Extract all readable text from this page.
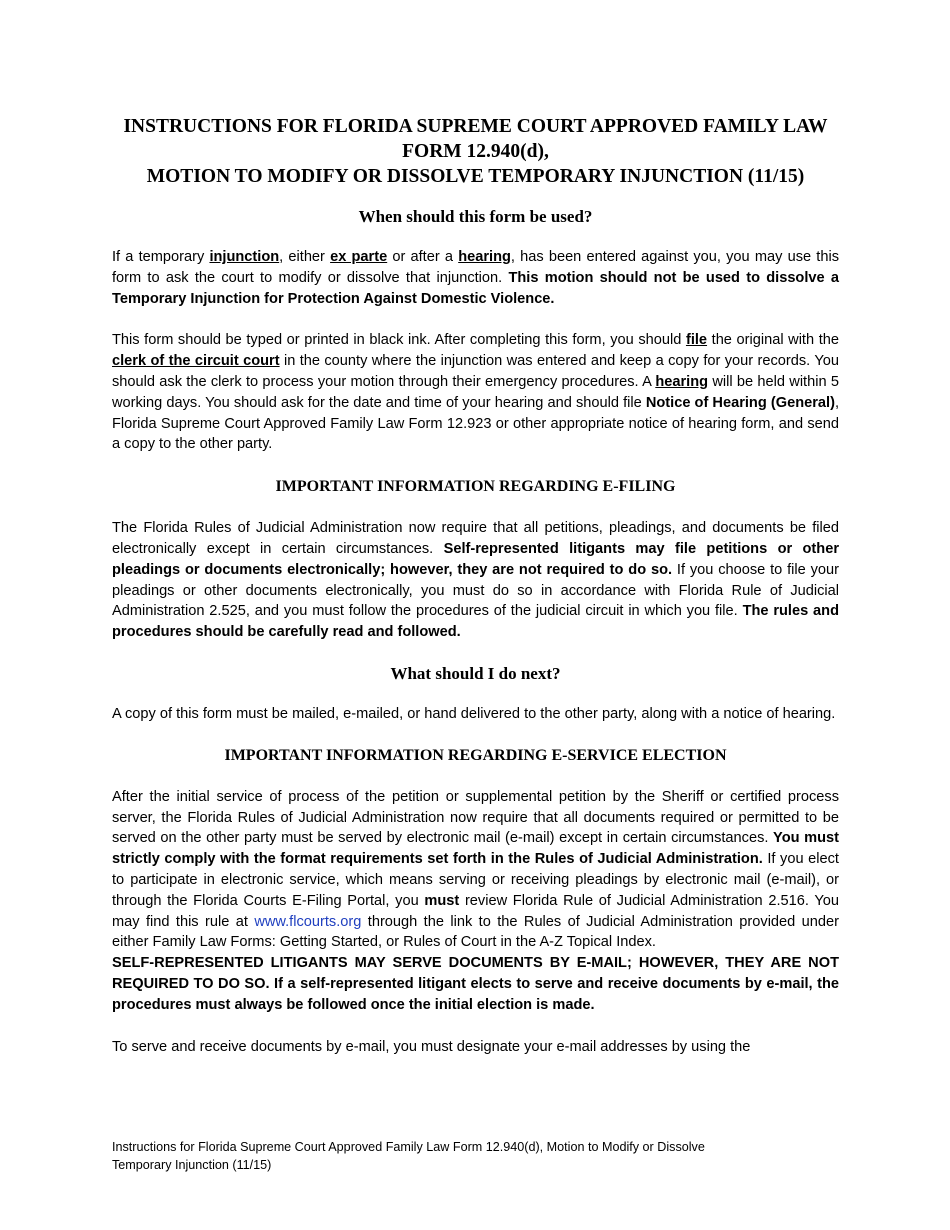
INSTRUCTIONS FOR FLORIDA SUPREME COURT APPROVED FAMILY LAW
FORM 12.940(d),
MOTION TO MODIFY OR DISSOLVE TEMPORARY INJUNCTION (11/15)
When should this form be used?

If a temporary injunction, either ex parte or after a hearing, has been entered against you, you may use this form to ask the court to modify or dissolve that injunction. This motion should not be used to dissolve a Temporary Injunction for Protection Against Domestic Violence.

This form should be typed or printed in black ink. After completing this form, you should file the original with the clerk of the circuit court in the county where the injunction was entered and keep a copy for your records. You should ask the clerk to process your motion through their emergency procedures. A hearing will be held within 5 working days. You should ask for the date and time of your hearing and should file Notice of Hearing (General), Florida Supreme Court Approved Family Law Form 12.923 or other appropriate notice of hearing form, and send a copy to the other party.

IMPORTANT INFORMATION REGARDING E-FILING

The Florida Rules of Judicial Administration now require that all petitions, pleadings, and documents be filed electronically except in certain circumstances. Self-represented litigants may file petitions or other pleadings or documents electronically; however, they are not required to do so. If you choose to file your pleadings or other documents electronically, you must do so in accordance with Florida Rule of Judicial Administration 2.525, and you must follow the procedures of the judicial circuit in which you file. The rules and procedures should be carefully read and followed.

What should I do next?

A copy of this form must be mailed, e-mailed, or hand delivered to the other party, along with a notice of hearing.

IMPORTANT INFORMATION REGARDING E-SERVICE ELECTION

After the initial service of process of the petition or supplemental petition by the Sheriff or certified process server, the Florida Rules of Judicial Administration now require that all documents required or permitted to be served on the other party must be served by electronic mail (e-mail) except in certain circumstances. You must strictly comply with the format requirements set forth in the Rules of Judicial Administration. If you elect to participate in electronic service, which means serving or receiving pleadings by electronic mail (e-mail), or through the Florida Courts E-Filing Portal, you must review Florida Rule of Judicial Administration 2.516. You may find this rule at www.flcourts.org through the link to the Rules of Judicial Administration provided under either Family Law Forms: Getting Started, or Rules of Court in the A-Z Topical Index.

SELF-REPRESENTED LITIGANTS MAY SERVE DOCUMENTS BY E-MAIL; HOWEVER, THEY ARE NOT REQUIRED TO DO SO. If a self-represented litigant elects to serve and receive documents by e-mail, the procedures must always be followed once the initial election is made.

To serve and receive documents by e-mail, you must designate your e-mail addresses by using the

Instructions for Florida Supreme Court Approved Family Law Form 12.940(d), Motion to Modify or Dissolve
Temporary Injunction (11/15)
